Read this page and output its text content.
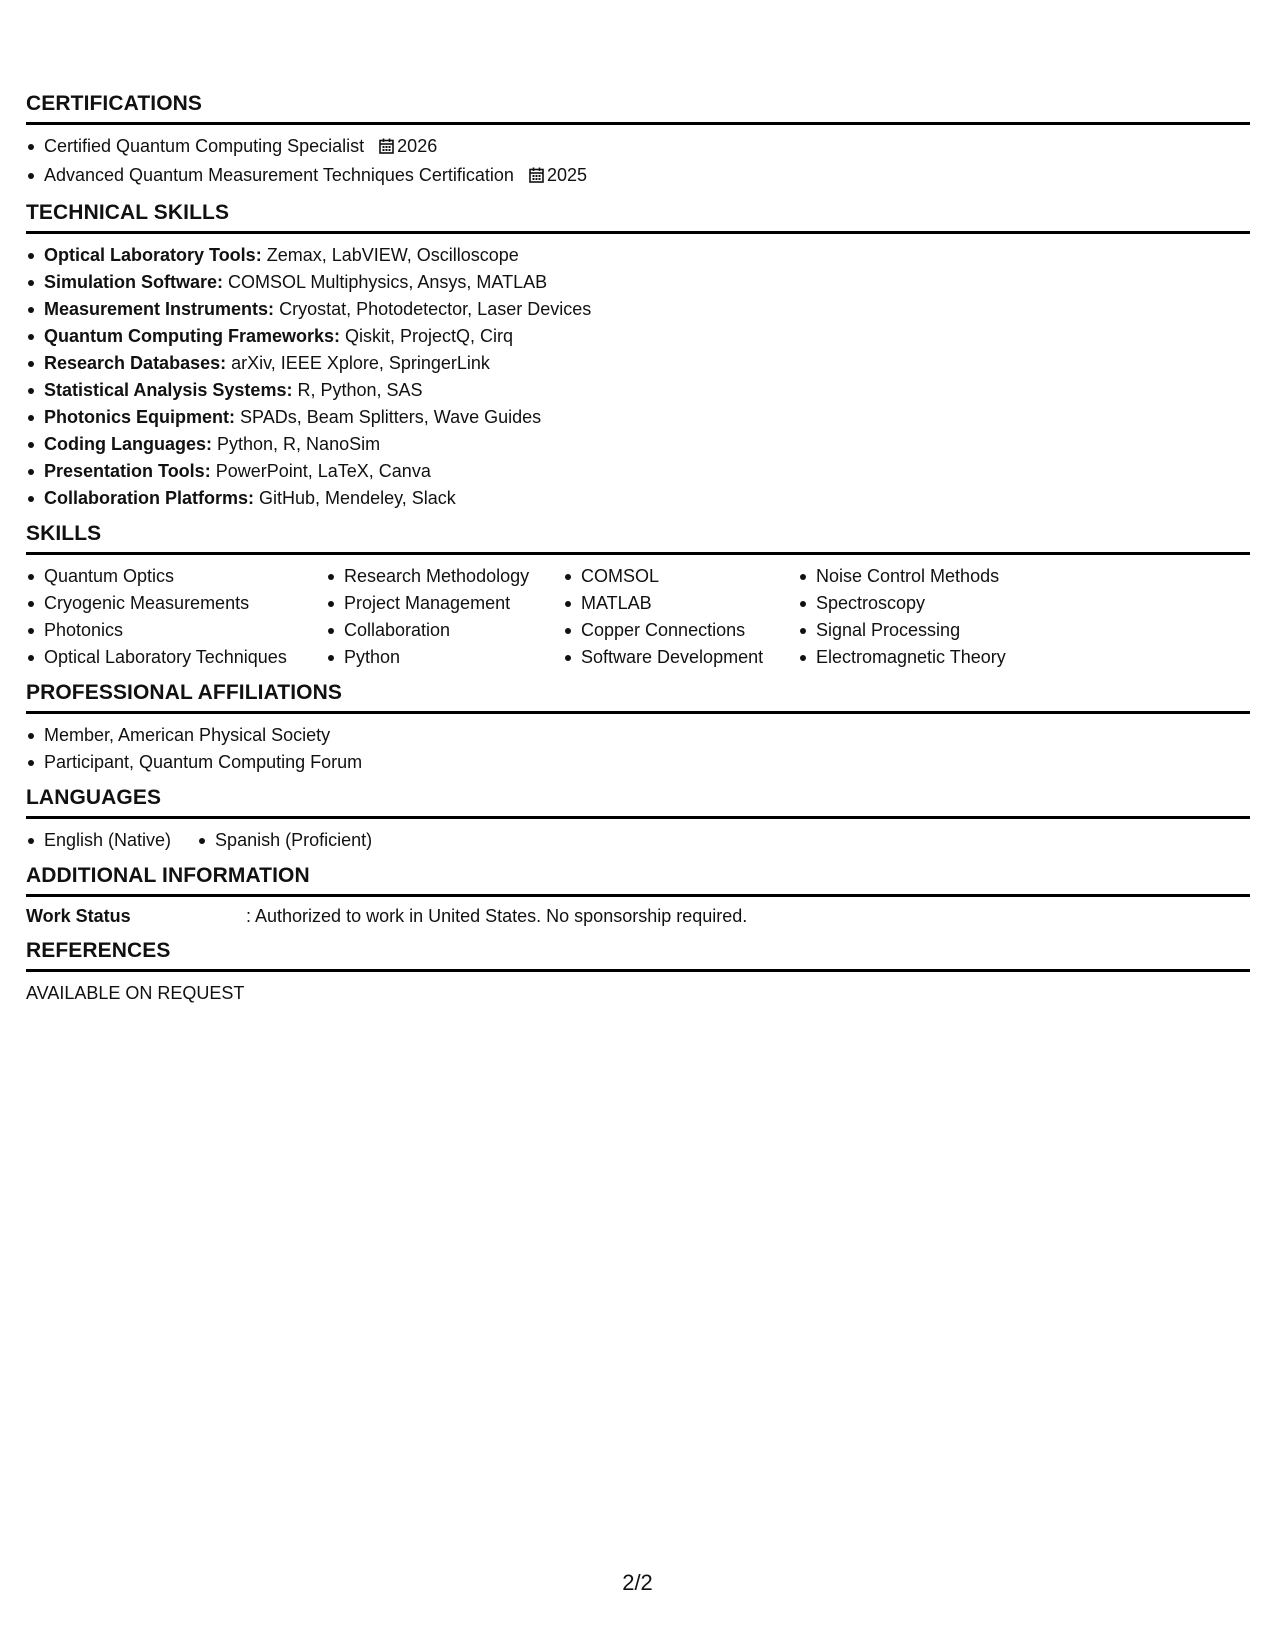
CERTIFICATIONS
Certified Quantum Computing Specialist 2026
Advanced Quantum Measurement Techniques Certification 2025
TECHNICAL SKILLS
Optical Laboratory Tools: Zemax, LabVIEW, Oscilloscope
Simulation Software: COMSOL Multiphysics, Ansys, MATLAB
Measurement Instruments: Cryostat, Photodetector, Laser Devices
Quantum Computing Frameworks: Qiskit, ProjectQ, Cirq
Research Databases: arXiv, IEEE Xplore, SpringerLink
Statistical Analysis Systems: R, Python, SAS
Photonics Equipment: SPADs, Beam Splitters, Wave Guides
Coding Languages: Python, R, NanoSim
Presentation Tools: PowerPoint, LaTeX, Canva
Collaboration Platforms: GitHub, Mendeley, Slack
SKILLS
Quantum Optics
Cryogenic Measurements
Photonics
Optical Laboratory Techniques
Research Methodology
Project Management
Collaboration
Python
COMSOL
MATLAB
Copper Connections
Software Development
Noise Control Methods
Spectroscopy
Signal Processing
Electromagnetic Theory
PROFESSIONAL AFFILIATIONS
Member, American Physical Society
Participant, Quantum Computing Forum
LANGUAGES
English (Native)	Spanish (Proficient)
ADDITIONAL INFORMATION
Work Status	: Authorized to work in United States. No sponsorship required.
REFERENCES
AVAILABLE ON REQUEST
2/2
